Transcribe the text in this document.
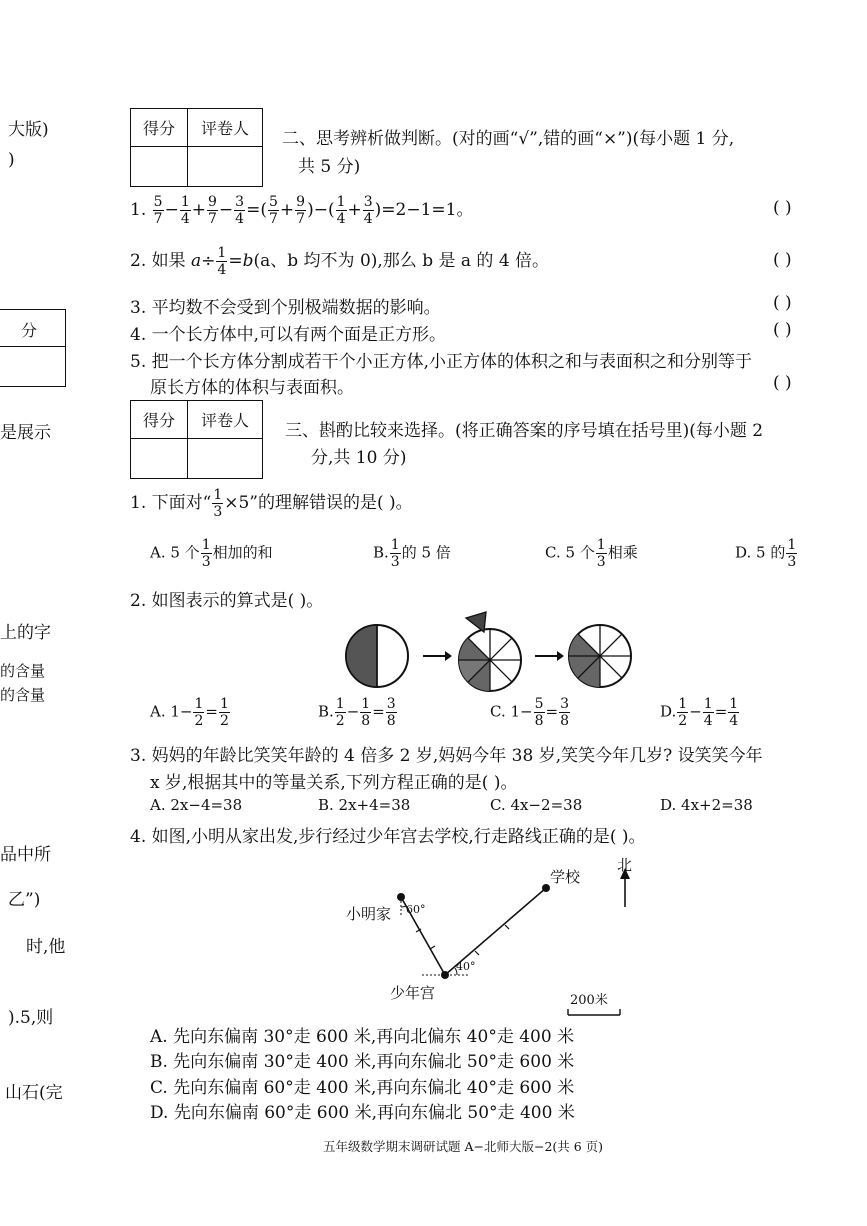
大版)
)
分
是展示
上的字
的含量
的含量
品中所
乙”)
时,他
).5,则
山石(完
得分	评卷人

二、思考辨析做判断。(对的画“√”,错的画“×”)(每小题 1 分,
共 5 分)
1. $\frac{5}{7} - \frac{1}{4} + \frac{9}{7} - \frac{3}{4}$ =( $\frac{5}{7} + \frac{9}{7}$ )−( $\frac{1}{4} + \frac{3}{4} )=2-1=1$。	( )
2. 如果 $a\div \frac{1}{4} =b(a$、b 均不为 0),那么 b 是 a 的 4 倍。	( )
3. 平均数不会受到个别极端数据的影响。	( )
4. 一个长方体中,可以有两个面是正方形。	( )
5. 把一个长方体分割成若干个小正方体,小正方体的体积之和与表面积之和分别等于
原长方体的体积与表面积。	( )
得分	评卷人

三、斟酌比较来选择。(将正确答案的序号填在括号里)(每小题 2
分,共 10 分)
1. 下面对“ $\frac{1}{3} \times 5$”的理解错误的是( )。
A. 5 个 $\frac{1}{3}$ 相加的和	B. $\frac{1}{3}$ 的 5 倍	C. 5 个 $\frac{1}{3}$ 相乘	D. 5 的 $\frac{1}{3}$
2. 如图表示的算式是( )。
A. $1- \frac{1}{2} = \frac{1}{2}$	B. $\frac{1}{2} - \frac{1}{8} = \frac{3}{8}$	C. $1- \frac{5}{8} = \frac{3}{8}$	D. $\frac{1}{2} - \frac{1}{4} = \frac{1}{4}$
3. 妈妈的年龄比笑笑年龄的 4 倍多 2 岁,妈妈今年 38 岁,笑笑今年几岁? 设笑笑今年
x 岁,根据其中的等量关系,下列方程正确的是( )。
A. 2x−4=38	B. 2x+4=38	C. 4x−2=38	D. 4x+2=38
4. 如图,小明从家出发,步行经过少年宫去学校,行走路线正确的是( )。
小明家 60°
学校
北
40°
少年宫	200米
A. 先向东偏南 30°走 600 米,再向北偏东 40°走 400 米
B. 先向东偏南 30°走 400 米,再向东偏北 50°走 600 米
C. 先向东偏南 60°走 400 米,再向东偏北 40°走 600 米
D. 先向东偏南 60°走 600 米,再向东偏北 50°走 400 米
五年级数学期末调研试题 A−北师大版−2(共 6 页)
